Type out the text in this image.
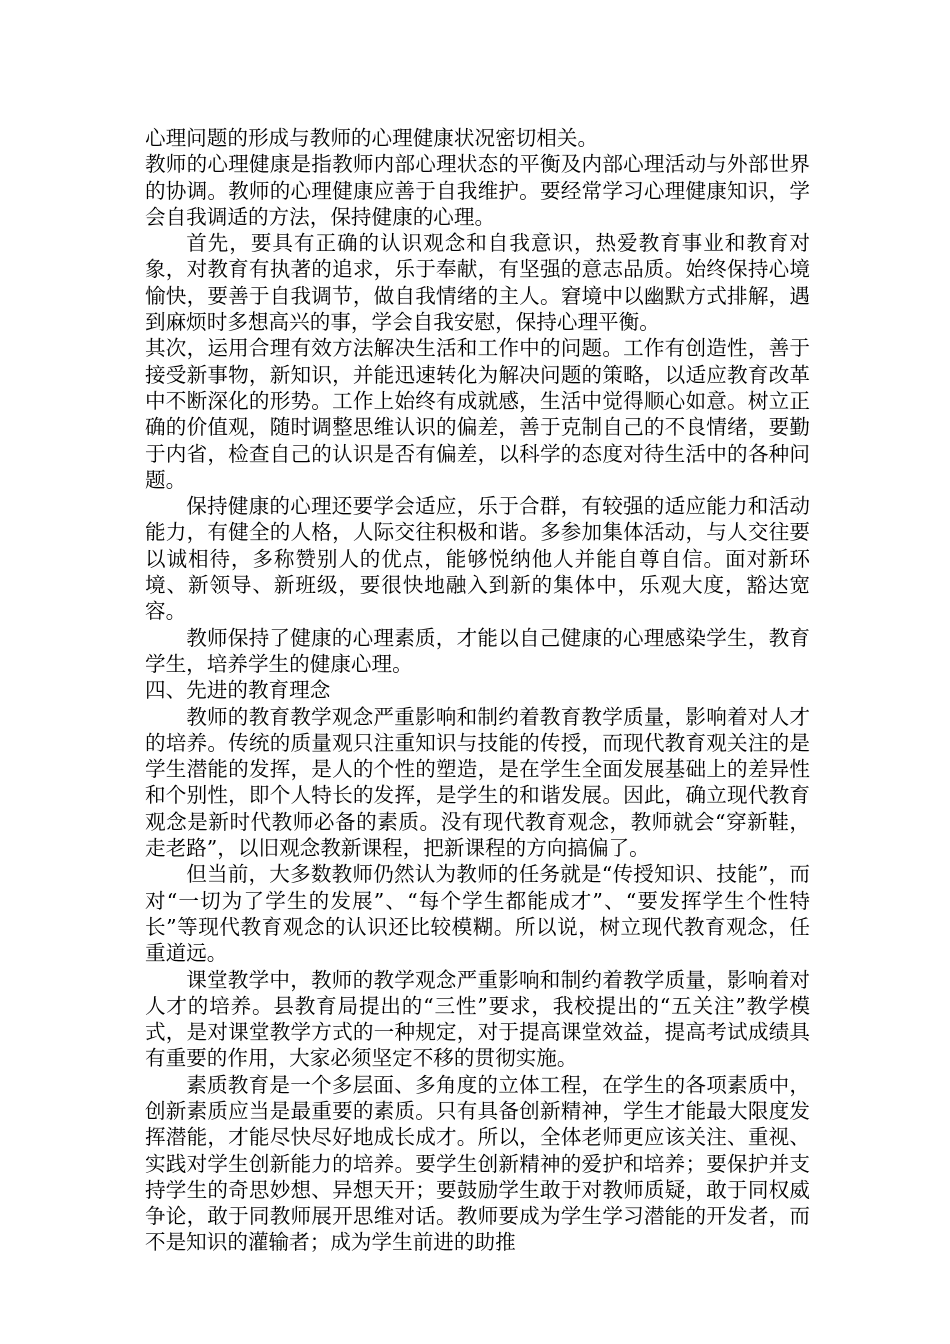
心理问题的形成与教师的心理健康状况密切相关。

教师的心理健康是指教师内部心理状态的平衡及内部心理活动与外部世界的协调。教师的心理健康应善于自我维护。要经常学习心理健康知识，学会自我调适的方法，保持健康的心理。

首先，要具有正确的认识观念和自我意识，热爱教育事业和教育对象，对教育有执著的追求，乐于奉献，有坚强的意志品质。始终保持心境愉快，要善于自我调节，做自我情绪的主人。窘境中以幽默方式排解，遇到麻烦时多想高兴的事，学会自我安慰，保持心理平衡。

其次，运用合理有效方法解决生活和工作中的问题。工作有创造性，善于接受新事物，新知识，并能迅速转化为解决问题的策略，以适应教育改革中不断深化的形势。工作上始终有成就感，生活中觉得顺心如意。树立正确的价值观，随时调整思维认识的偏差，善于克制自己的不良情绪，要勤于内省，检查自己的认识是否有偏差，以科学的态度对待生活中的各种问题。

保持健康的心理还要学会适应，乐于合群，有较强的适应能力和活动能力，有健全的人格，人际交往积极和谐。多参加集体活动，与人交往要以诚相待，多称赞别人的优点，能够悦纳他人并能自尊自信。面对新环境、新领导、新班级，要很快地融入到新的集体中，乐观大度，豁达宽容。

教师保持了健康的心理素质，才能以自己健康的心理感染学生，教育学生，培养学生的健康心理。

四、先进的教育理念

教师的教育教学观念严重影响和制约着教育教学质量，影响着对人才的培养。传统的质量观只注重知识与技能的传授，而现代教育观关注的是学生潜能的发挥，是人的个性的塑造，是在学生全面发展基础上的差异性和个别性，即个人特长的发挥，是学生的和谐发展。因此，确立现代教育观念是新时代教师必备的素质。没有现代教育观念，教师就会“穿新鞋，走老路”，以旧观念教新课程，把新课程的方向搞偏了。

但当前，大多数教师仍然认为教师的任务就是“传授知识、技能”，而对“一切为了学生的发展”、“每个学生都能成才”、“要发挥学生个性特长”等现代教育观念的认识还比较模糊。所以说，树立现代教育观念，任重道远。

课堂教学中，教师的教学观念严重影响和制约着教学质量，影响着对人才的培养。县教育局提出的“三性”要求，我校提出的“五关注”教学模式，是对课堂教学方式的一种规定，对于提高课堂效益，提高考试成绩具有重要的作用，大家必须坚定不移的贯彻实施。

素质教育是一个多层面、多角度的立体工程，在学生的各项素质中，创新素质应当是最重要的素质。只有具备创新精神，学生才能最大限度发挥潜能，才能尽快尽好地成长成才。所以，全体老师更应该关注、重视、实践对学生创新能力的培养。要学生创新精神的爱护和培养；要保护并支持学生的奇思妙想、异想天开；要鼓励学生敢于对教师质疑，敢于同权威争论，敢于同教师展开思维对话。教师要成为学生学习潜能的开发者，而不是知识的灌输者；成为学生前进的助推
